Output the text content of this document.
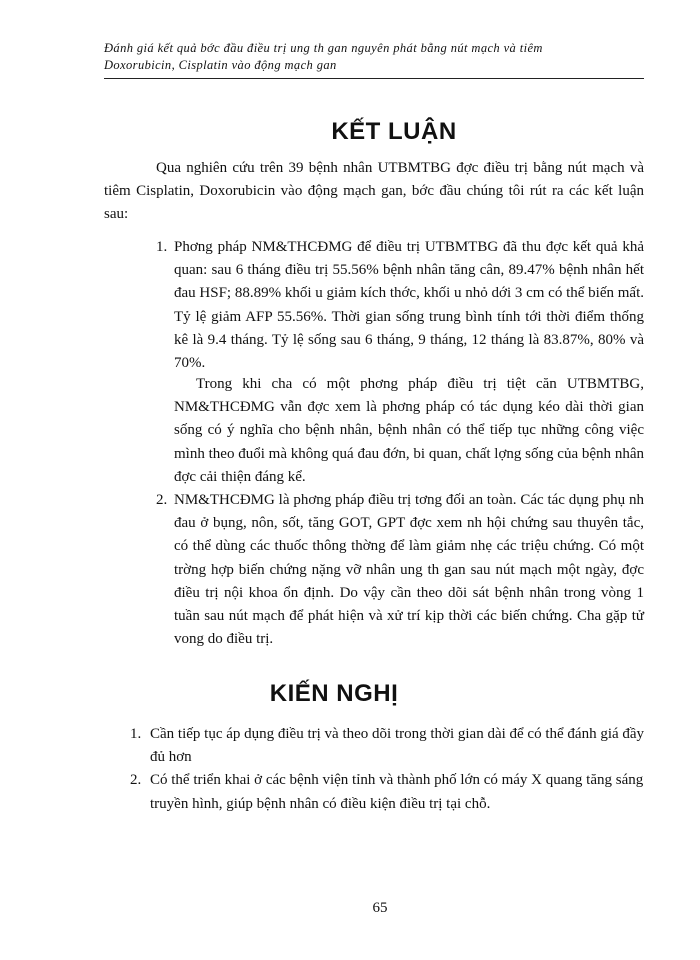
Đánh giá kết quả bớc đầu điều trị ung th gan nguyên phát bằng nút mạch và tiêm
Doxorubicin, Cisplatin vào động mạch gan
KẾT LUẬN

Qua nghiên cứu trên 39 bệnh nhân UTBMTBG đợc điều trị bằng nút mạch và tiêm Cisplatin, Doxorubicin vào động mạch gan, bớc đầu chúng tôi rút ra các kết luận sau:

1. Phơng pháp NM&THCĐMG để điều trị UTBMTBG đã thu đợc kết quả khả quan: sau 6 tháng điều trị 55.56% bệnh nhân tăng cân, 89.47% bệnh nhân hết đau HSF; 88.89% khối u giảm kích thớc, khối u nhỏ dới 3 cm có thể biến mất. Tỷ lệ giảm AFP 55.56%. Thời gian sống trung bình tính tới thời điểm thống kê là 9.4 tháng. Tỷ lệ sống sau 6 tháng, 9 tháng, 12 tháng là 83.87%, 80% và 70%.

Trong khi cha có một phơng pháp điều trị tiệt căn UTBMTBG, NM&THCĐMG vẫn đợc xem là phơng pháp có tác dụng kéo dài thời gian sống có ý nghĩa cho bệnh nhân, bệnh nhân có thể tiếp tục những công việc mình theo đuổi mà không quá đau đớn, bi quan, chất lợng sống của bệnh nhân đợc cải thiện đáng kể.

2. NM&THCĐMG là phơng pháp điều trị tơng đối an toàn. Các tác dụng phụ nh đau ở bụng, nôn, sốt, tăng GOT, GPT đợc xem nh hội chứng sau thuyên tắc, có thể dùng các thuốc thông thờng để làm giảm nhẹ các triệu chứng. Có một trờng hợp biến chứng nặng vỡ nhân ung th gan sau nút mạch một ngày, đợc điều trị nội khoa ổn định. Do vậy cần theo dõi sát bệnh nhân trong vòng 1 tuần sau nút mạch để phát hiện và xử trí kịp thời các biến chứng. Cha gặp tử vong do điều trị.

KIẾN NGHỊ
1. Cần tiếp tục áp dụng điều trị và theo dõi trong thời gian dài để có thể đánh giá đầy đủ hơn
2. Có thể triển khai ở các bệnh viện tỉnh và thành phố lớn có máy X quang tăng sáng truyền hình, giúp bệnh nhân có điều kiện điều trị tại chỗ.
65
